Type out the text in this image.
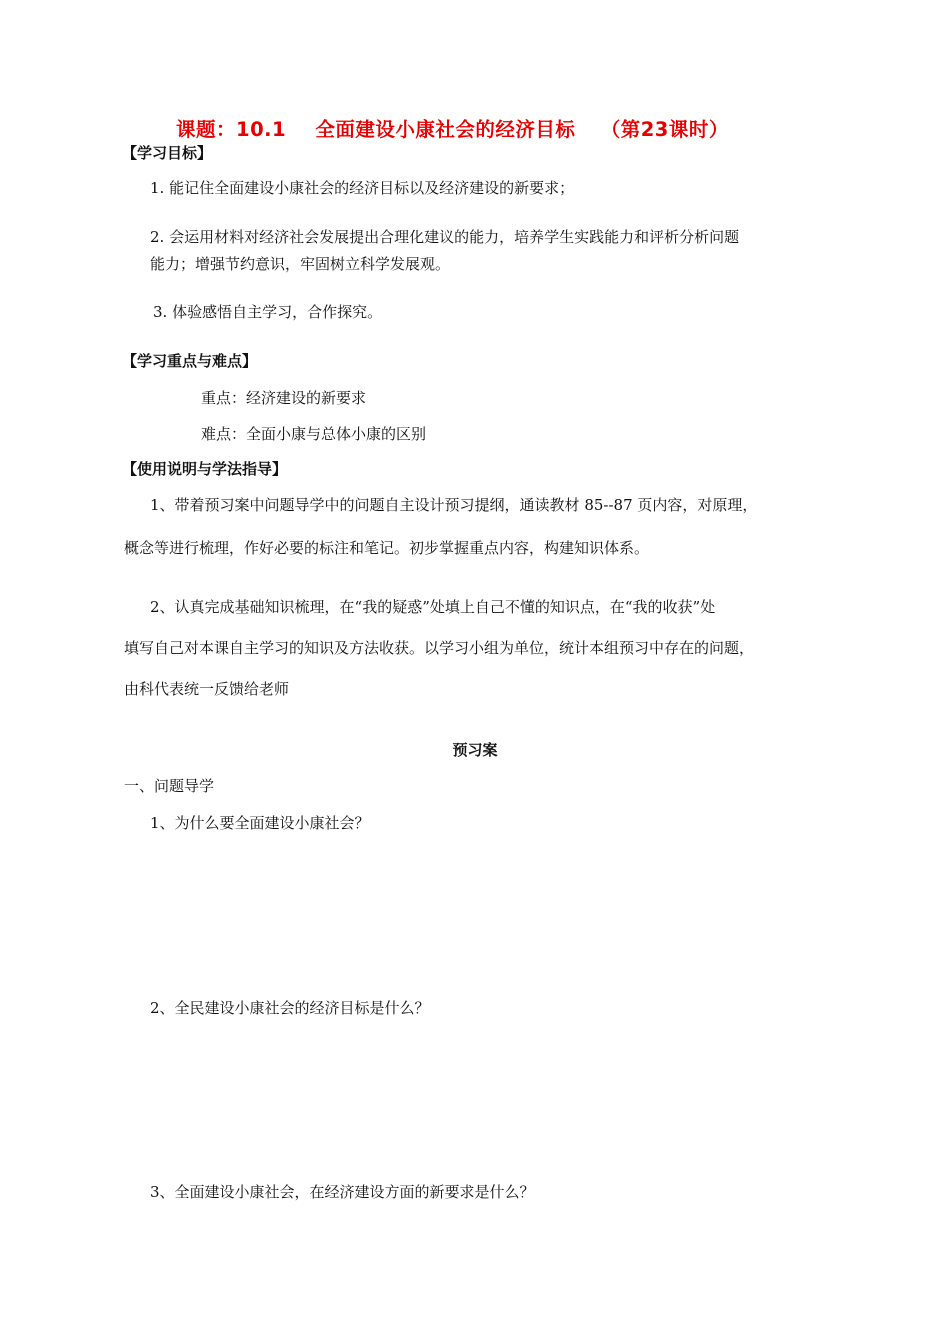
课题：10.1 全面建设小康社会的经济目标 （第23课时）
【学习目标】
1. 能记住全面建设小康社会的经济目标以及经济建设的新要求；
2. 会运用材料对经济社会发展提出合理化建议的能力，培养学生实践能力和评析分析问题
能力；增强节约意识，牢固树立科学发展观。
3. 体验感悟自主学习，合作探究。
【学习重点与难点】
重点：经济建设的新要求
难点：全面小康与总体小康的区别
【使用说明与学法指导】
1、带着预习案中问题导学中的问题自主设计预习提纲，通读教材 85--87 页内容，对原理，
概念等进行梳理，作好必要的标注和笔记。初步掌握重点内容，构建知识体系。
2、认真完成基础知识梳理，在“我的疑惑”处填上自己不懂的知识点，在“我的收获”处
填写自己对本课自主学习的知识及方法收获。以学习小组为单位，统计本组预习中存在的问题，
由科代表统一反馈给老师
预习案
一、问题导学
1、为什么要全面建设小康社会？
2、全民建设小康社会的经济目标是什么？
3、全面建设小康社会，在经济建设方面的新要求是什么？
